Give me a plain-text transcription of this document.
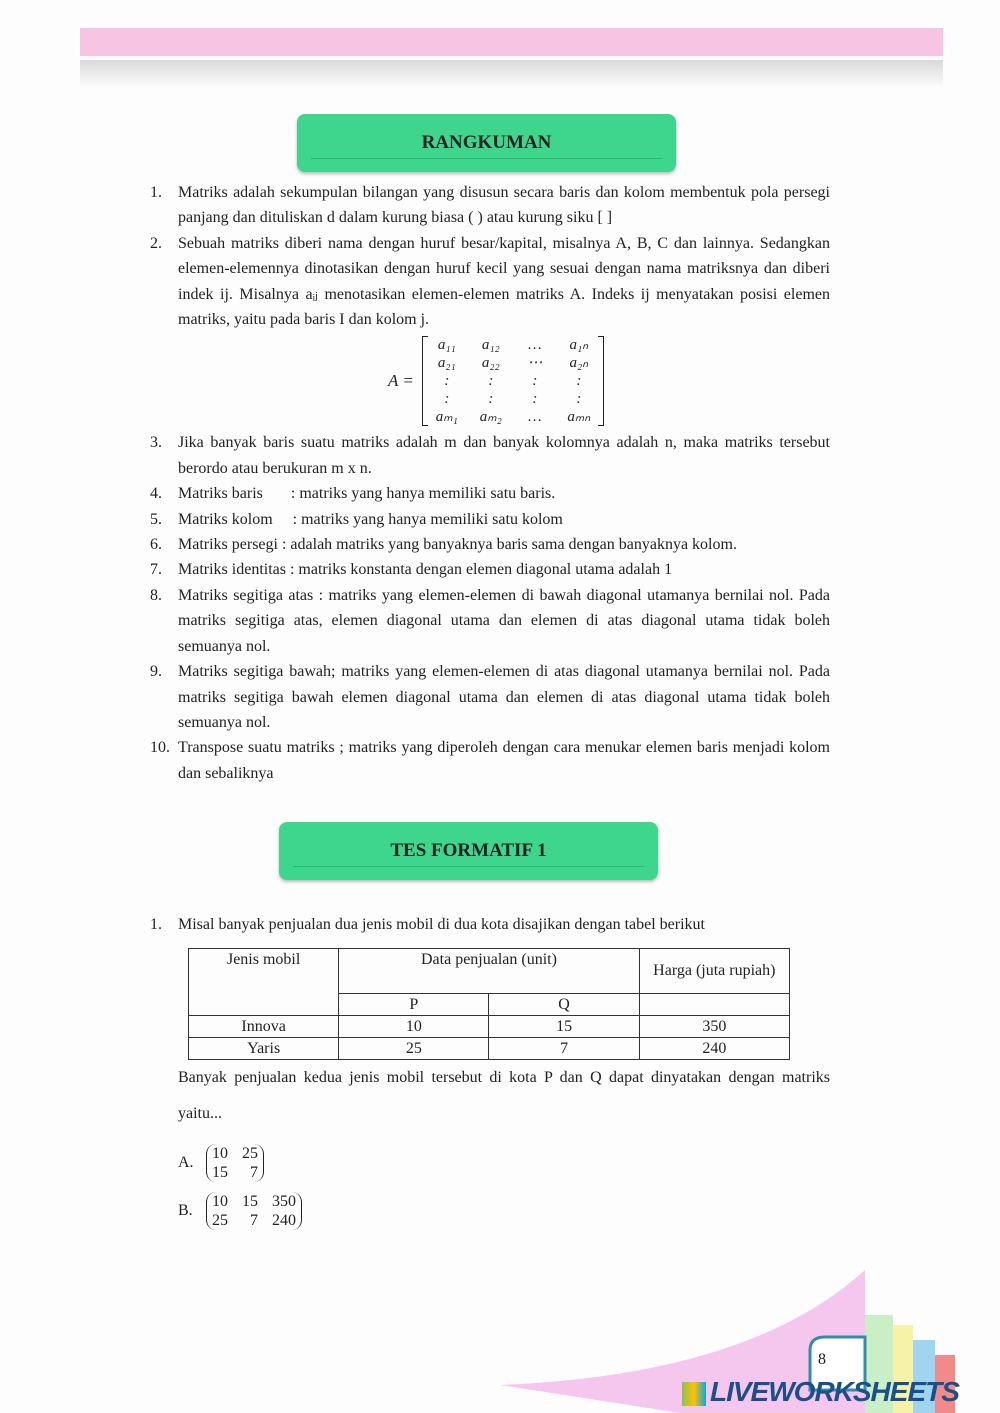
RANGKUMAN
1.	Matriks adalah sekumpulan bilangan yang disusun secara baris dan kolom membentuk pola persegi panjang dan dituliskan d dalam kurung biasa ( ) atau kurung siku [ ]
2.	Sebuah matriks diberi nama dengan huruf besar/kapital, misalnya A, B, C dan lainnya. Sedangkan elemen-elemennya dinotasikan dengan huruf kecil yang sesuai dengan nama matriksnya dan diberi indek ij. Misalnya aᵢⱼ menotasikan elemen-elemen matriks A. Indeks ij menyatakan posisi elemen matriks, yaitu pada baris I dan kolom j.
A =
a₁₁	a₁₂	…	a₁ₙ
a₂₁	a₂₂	⋯	a₂ₙ
:	:	:	:
:	:	:	:
aₘ₁	aₘ₂	…	aₘₙ
3.	Jika banyak baris suatu matriks adalah m dan banyak kolomnya adalah n, maka matriks tersebut berordo atau berukuran m x n.
4.	Matriks baris       : matriks yang hanya memiliki satu baris.
5.	Matriks kolom     : matriks yang hanya memiliki satu kolom
6.	Matriks persegi : adalah matriks yang banyaknya baris sama dengan banyaknya kolom.
7.	Matriks identitas : matriks konstanta dengan elemen diagonal utama adalah 1
8.	Matriks segitiga atas : matriks yang elemen-elemen di bawah diagonal utamanya bernilai nol. Pada matriks segitiga atas, elemen diagonal utama dan elemen di atas diagonal utama tidak boleh semuanya nol.
9.	Matriks segitiga bawah; matriks yang elemen-elemen di atas diagonal utamanya bernilai nol. Pada matriks segitiga bawah elemen diagonal utama dan elemen di atas diagonal utama tidak boleh semuanya nol.
10. Transpose suatu matriks ; matriks yang diperoleh dengan cara menukar elemen baris menjadi kolom dan sebaliknya
TES FORMATIF 1
1.	Misal banyak penjualan dua jenis mobil di dua kota disajikan dengan tabel berikut
Jenis mobil	Data penjualan (unit)		Harga (juta rupiah)
	P	Q	
Innova	10	15	350
Yaris	25	7	240
Banyak penjualan kedua jenis mobil tersebut di kota P dan Q dapat dinyatakan dengan matriks yaitu...
A.
10 25
15	7
B.
10 15 350
25	7 240
8
LIVEWORKSHEETS
